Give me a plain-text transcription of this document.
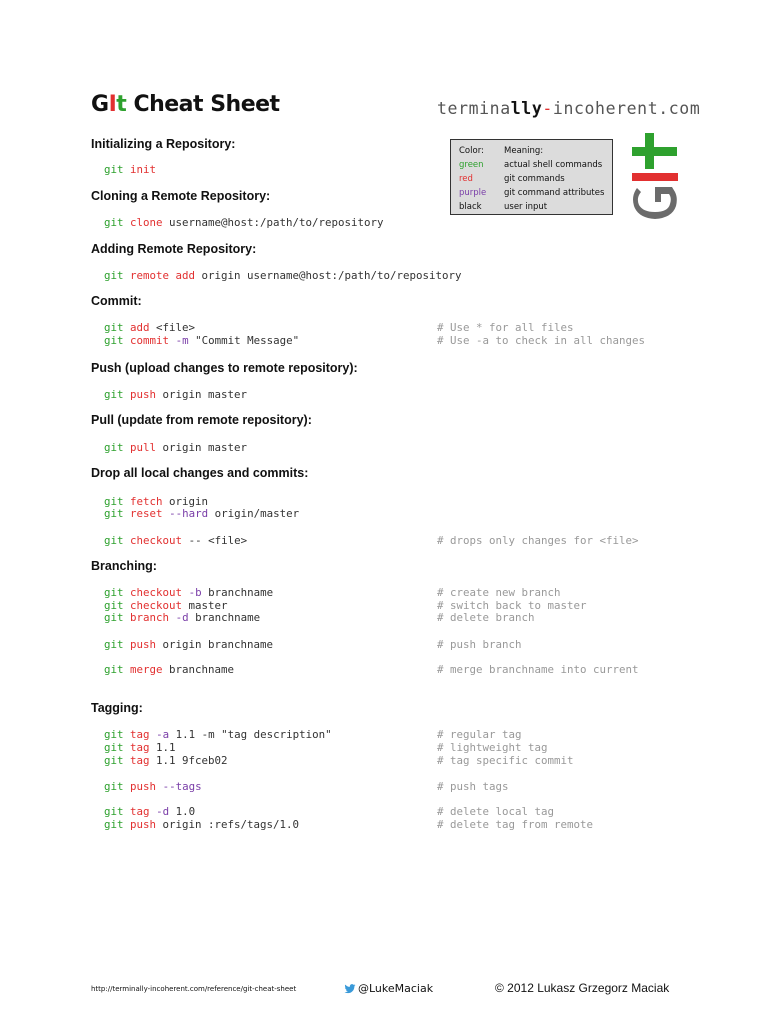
GIt Cheat Sheet	terminally-incoherent.com
Color:	Meaning:
green	actual shell commands
red	git commands
purple	git command attributes
black	user input
Initializing a Repository:
git init
Cloning a Remote Repository:
git clone username@host:/path/to/repository
Adding Remote Repository:
git remote add origin username@host:/path/to/repository
Commit:
git add <file>	# Use * for all files
git commit -m "Commit Message"	# Use -a to check in all changes
Push (upload changes to remote repository):
git push origin master
Pull (update from remote repository):
git pull origin master
Drop all local changes and commits:
git fetch origin
git reset --hard origin/master
git checkout -- <file>	# drops only changes for <file>
Branching:
git checkout -b branchname	# create new branch
git checkout master	# switch back to master
git branch -d branchname	# delete branch
git push origin branchname	# push branch
git merge branchname	# merge branchname into current
Tagging:
git tag -a 1.1 -m "tag description"	# regular tag
git tag 1.1	# lightweight tag
git tag 1.1 9fceb02	# tag specific commit
git push --tags	# push tags
git tag -d 1.0	# delete local tag
git push origin :refs/tags/1.0	# delete tag from remote
http://terminally-incoherent.com/reference/git-cheat-sheet	@LukeMaciak	© 2012 Lukasz Grzegorz Maciak
